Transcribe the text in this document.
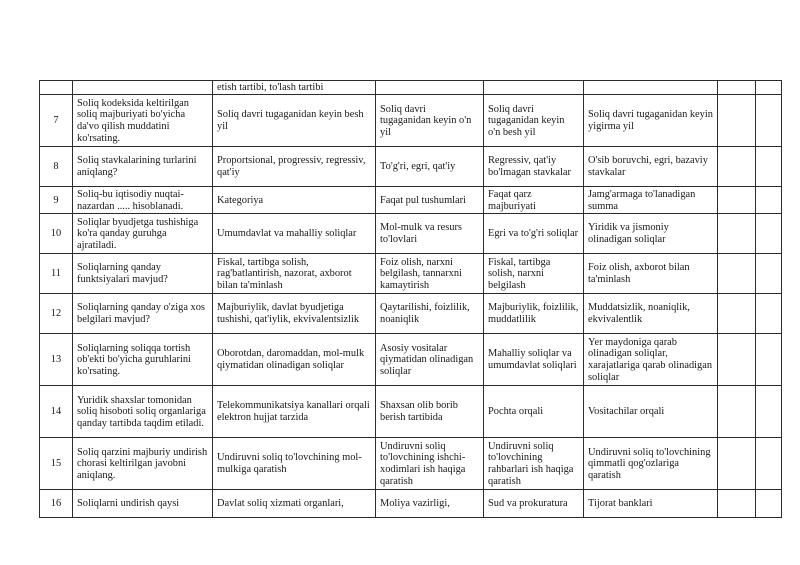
		etish tartibi, to'lash tartibi					
7	Soliq kodeksida keltirilgan soliq majburiyati bo'yicha da'vo qilish muddatini ko'rsating.	Soliq davri tugaganidan keyin besh yil	Soliq davri tugaganidan keyin o'n yil	Soliq davri tugaganidan keyin o'n besh yil	Soliq davri tugaganidan keyin yigirma yil		
8	Soliq stavkalarining turlarini aniqlang?	Proportsional, progressiv, regressiv, qat'iy	To'g'ri, egri, qat'iy	Regressiv, qat'iy bo'lmagan stavkalar	O'sib boruvchi, egri, bazaviy stavkalar		
9	Soliq-bu iqtisodiy nuqtai-nazardan ..... hisoblanadi.	Kategoriya	Faqat pul tushumlari	Faqat qarz majburiyati	Jamg'armaga to'lanadigan summa		
10	Soliqlar byudjetga tushishiga ko'ra qanday guruhga ajratiladi.	Umumdavlat va mahalliy soliqlar	Mol-mulk va resurs to'lovlari	Egri va to'g'ri soliqlar	Yiridik va jismoniy olinadigan soliqlar		
11	Soliqlarning qanday funktsiyalari mavjud?	Fiskal, tartibga solish, rag'batlantirish, nazorat, axborot bilan ta'minlash	Foiz olish, narxni belgilash, tannarxni kamaytirish	Fiskal, tartibga solish, narxni belgilash	Foiz olish, axborot bilan ta'minlash		
12	Soliqlarning qanday o'ziga xos belgilari mavjud?	Majburiylik, davlat byudjetiga tushishi, qat'iylik, ekvivalentsizlik	Qaytarilishi, foizlilik, noaniqlik	Majburiylik, foizlilik, muddatlilik	Muddatsizlik, noaniqlik, ekvivalentlik		
13	Soliqlarning soliqqa tortish ob'ekti bo'yicha guruhlarini ko'rsating.	Oborotdan, daromaddan, mol-mulk qiymatidan olinadigan soliqlar	Asosiy vositalar qiymatidan olinadigan soliqlar	Mahalliy soliqlar va umumdavlat soliqlari	Yer maydoniga qarab olinadigan soliqlar, xarajatlariga qarab olinadigan soliqlar		
14	Yuridik shaxslar tomonidan soliq hisoboti soliq organlariga qanday tartibda taqdim etiladi.	Telekommunikatsiya kanallari orqali elektron hujjat tarzida	Shaxsan olib borib berish tartibida	Pochta orqali	Vositachilar orqali		
15	Soliq qarzini majburiy undirish chorasi keltirilgan javobni aniqlang.	Undiruvni soliq to'lovchining mol-mulkiga qaratish	Undiruvni soliq to'lovchining ishchi-xodimlari ish haqiga qaratish	Undiruvni soliq to'lovchining rahbarlari ish haqiga qaratish	Undiruvni soliq to'lovchining qimmatli qog'ozlariga qaratish		
16	Soliqlarni undirish qaysi	Davlat soliq xizmati organlari,	Moliya vazirligi,	Sud va prokuratura	Tijorat banklari		
